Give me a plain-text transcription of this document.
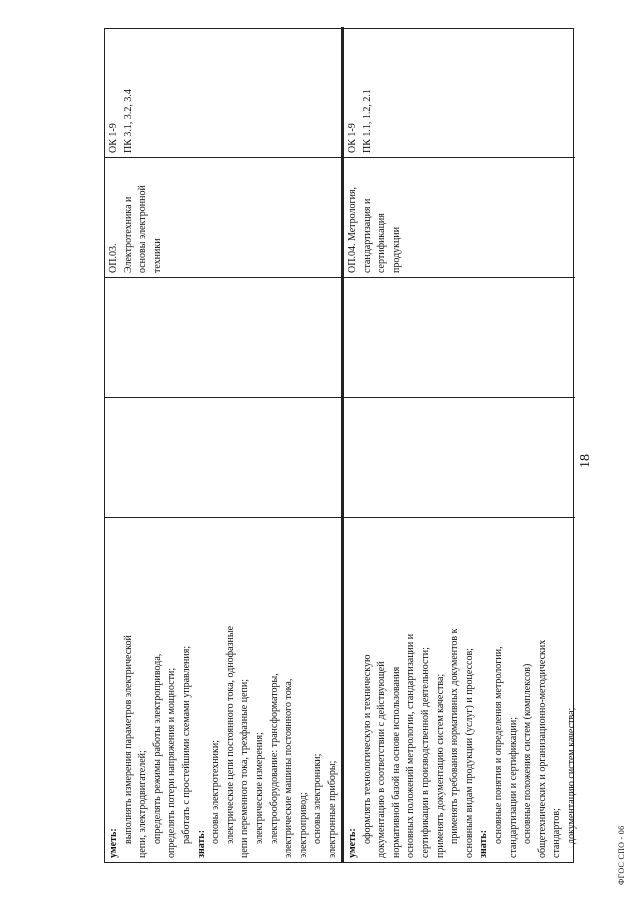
18
ФГОС СПО - 06
уметь: выполнять измерения параметров электрической цепи, электродвигателей; определять режимы работы электропривода, определять потери напряжения и мощности; работать с простейшими схемами управления; знать: основы электротехники; электрические цепи постоянного тока, однофазные цепи переменного тока, трехфазные цепи; электрические измерения; электрооборудование: трансформаторы, электрические машины постоянного тока, электропривод; основы электроники; электронные приборы;
ОП.03. Электротехника и основы электронной техники
ОК 1-9 ПК 3.1, 3.2, 3.4
уметь: оформлять технологическую и техническую документацию в соответствии с действующей нормативной базой на основе использования основных положений метрологии, стандартизации и сертификации в производственной деятельности; применять документацию систем качества; применять требования нормативных документов к основным видам продукции (услуг) и процессов; знать: основные понятия и определения метрологии, стандартизации и сертификации; основные положения систем (комплексов) общетехнических и организационно-методических стандартов; документацию систем качества;
ОП.04. Метрология, стандартизация и сертификация продукции
ОК 1-9 ПК 1.1, 1.2, 2.1
